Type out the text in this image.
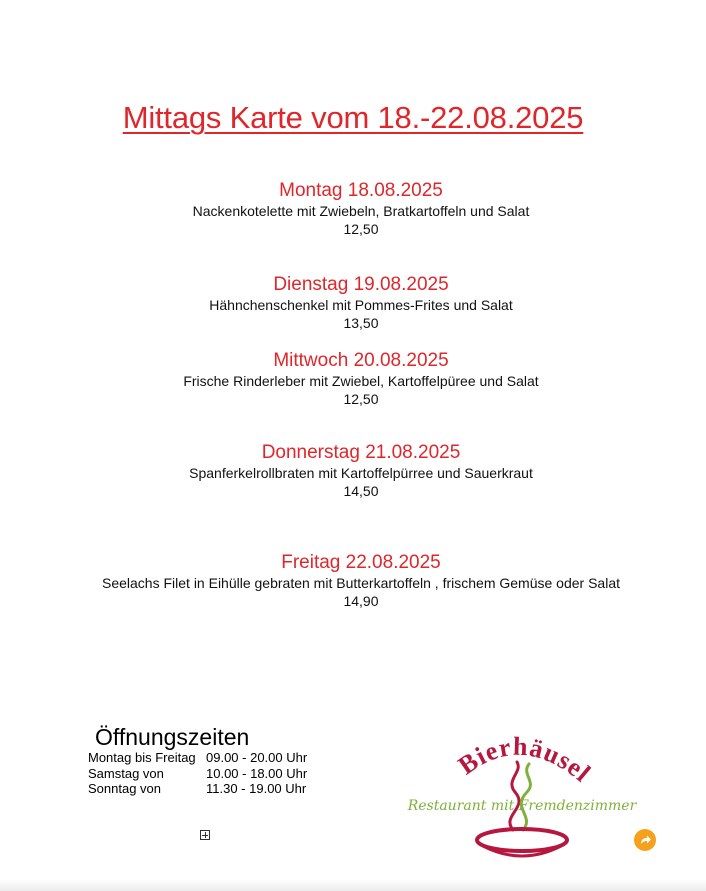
Mittags Karte vom 18.-22.08.2025
Montag 18.08.2025
Nackenkotelette mit Zwiebeln, Bratkartoffeln und Salat
12,50
Dienstag 19.08.2025
Hähnchenschenkel mit Pommes-Frites und Salat
13,50
Mittwoch 20.08.2025
Frische Rinderleber mit Zwiebel, Kartoffelpüree und Salat
12,50
Donnerstag 21.08.2025
Spanferkelrollbraten mit Kartoffelpürree und Sauerkraut
14,50
Freitag 22.08.2025
Seelachs Filet in Eihülle gebraten mit Butterkartoffeln , frischem Gemüse oder Salat
14,90
Öffnungszeiten
Montag bis Freitag 09.00 - 20.00 Uhr
Samstag von	10.00 - 18.00 Uhr
Sonntag von	11.30 - 19.00 Uhr
Bierhäusel
Restaurant mit Fremdenzimmer
